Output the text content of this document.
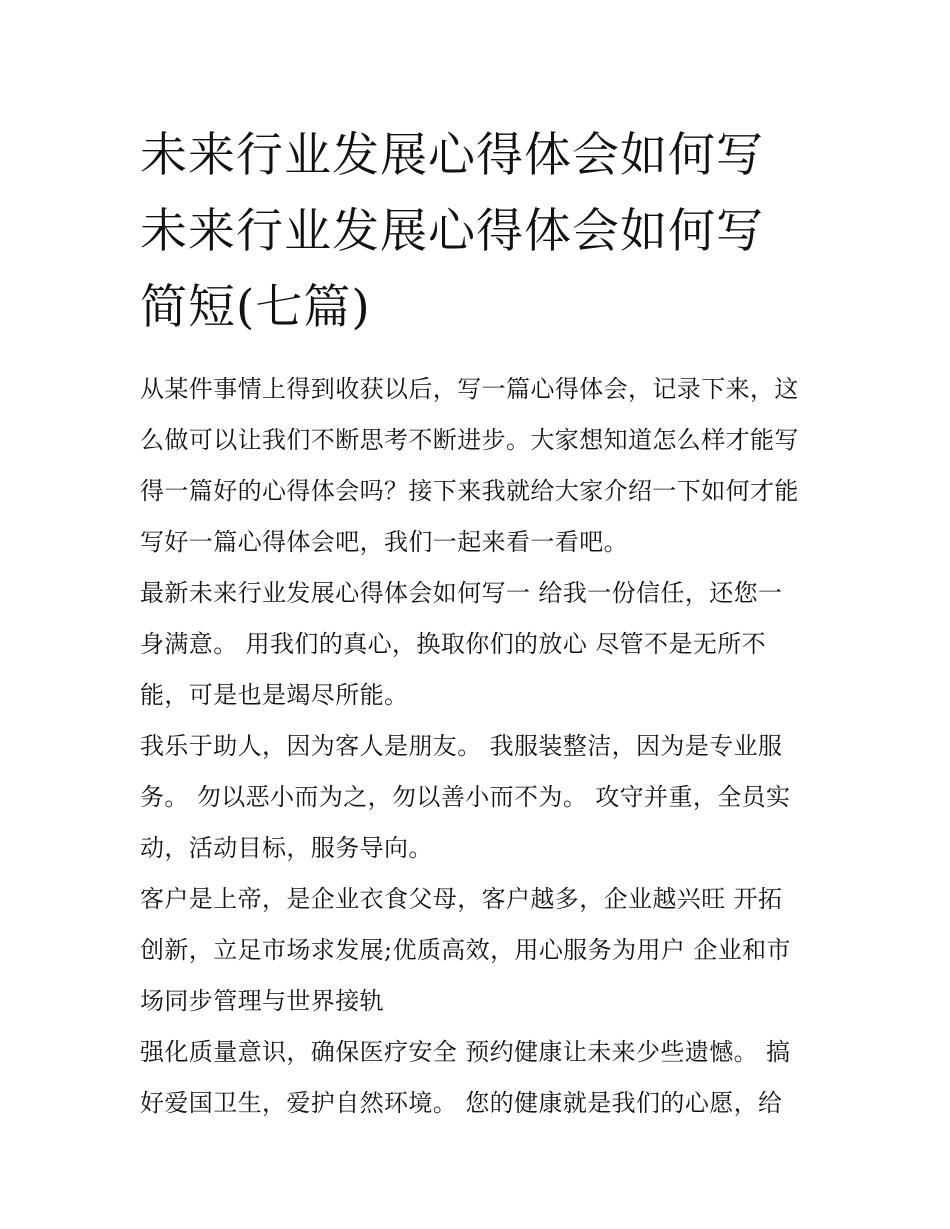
未来行业发展心得体会如何写
未来行业发展心得体会如何写
简短(七篇)

从某件事情上得到收获以后，写一篇心得体会，记录下来，这
么做可以让我们不断思考不断进步。大家想知道怎么样才能写
得一篇好的心得体会吗？接下来我就给大家介绍一下如何才能
写好一篇心得体会吧，我们一起来看一看吧。

最新未来行业发展心得体会如何写一 给我一份信任，还您一
身满意。 用我们的真心，换取你们的放心 尽管不是无所不
能，可是也是竭尽所能。

我乐于助人，因为客人是朋友。 我服装整洁，因为是专业服
务。 勿以恶小而为之，勿以善小而不为。 攻守并重，全员实
动，活动目标，服务导向。

客户是上帝，是企业衣食父母，客户越多，企业越兴旺 开拓
创新，立足市场求发展;优质高效，用心服务为用户 企业和市
场同步管理与世界接轨

强化质量意识，确保医疗安全 预约健康让未来少些遗憾。 搞
好爱国卫生，爱护自然环境。 您的健康就是我们的心愿，给
